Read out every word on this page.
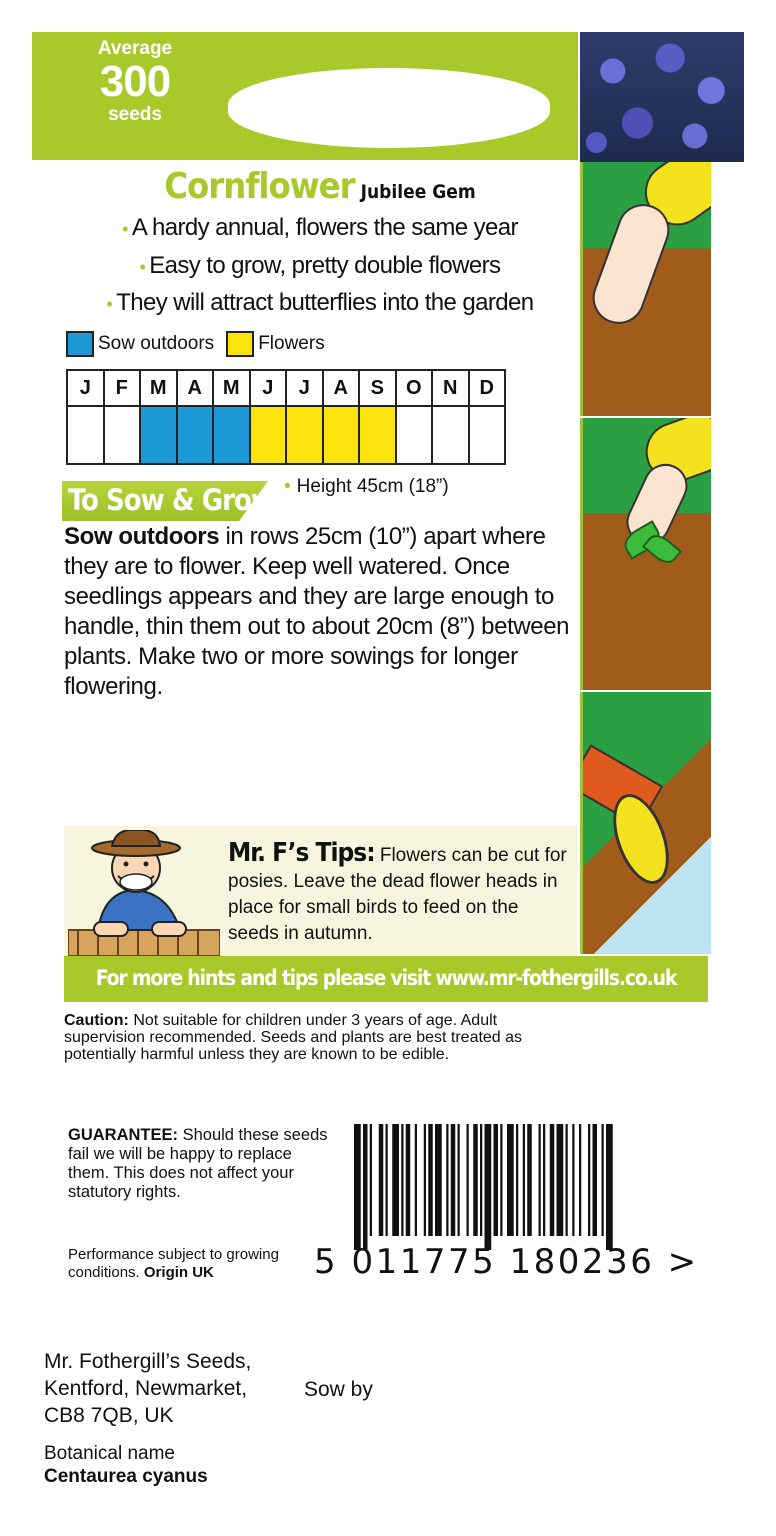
Average
300
seeds
Cornflower Jubilee Gem
• A hardy annual, flowers the same year
• Easy to grow, pretty double flowers
• They will attract butterflies into the garden
Sow outdoors Flowers
J	F	M	A	M	J	J	A	S	O	N	D

To Sow & Grow • Height 45cm (18”)
Sow outdoors in rows 25cm (10”) apart where they are to flower. Keep well watered. Once seedlings appears and they are large enough to handle, thin them out to about 20cm (8”) between plants. Make two or more sowings for longer flowering.
Mr. F’s Tips: Flowers can be cut for posies. Leave the dead flower heads in place for small birds to feed on the seeds in autumn.
For more hints and tips please visit www.mr-fothergills.co.uk
Caution: Not suitable for children under 3 years of age. Adult supervision recommended. Seeds and plants are best treated as potentially harmful unless they are known to be edible.
GUARANTEE: Should these seeds fail we will be happy to replace them. This does not affect your statutory rights.
Performance subject to growing conditions. Origin UK	5 011775 180236 >
Mr. Fothergill’s Seeds,
Kentford, Newmarket,
CB8 7QB, UK
Sow by
Botanical name
Centaurea cyanus
